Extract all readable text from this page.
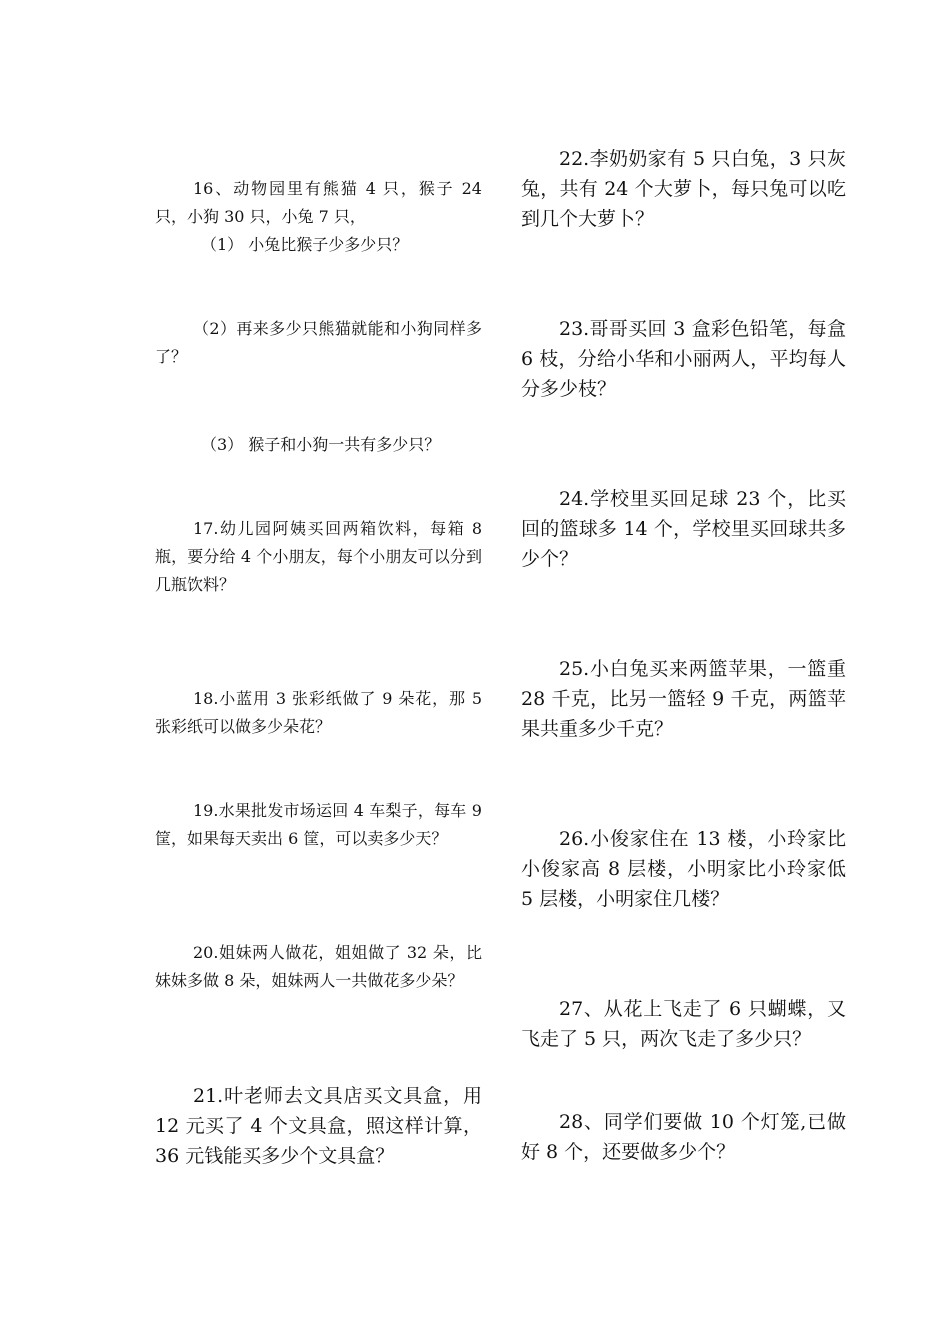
16、动物园里有熊猫 4 只，猴子 24 只，小狗 30 只，小兔 7 只，
（1） 小兔比猴子少多少只？
（2）再来多少只熊猫就能和小狗同样多了？
（3） 猴子和小狗一共有多少只？
17.幼儿园阿姨买回两箱饮料，每箱 8 瓶，要分给 4 个小朋友，每个小朋友可以分到几瓶饮料？
18.小蓝用 3 张彩纸做了 9 朵花，那 5 张彩纸可以做多少朵花？
19.水果批发市场运回 4 车梨子，每车 9 筐，如果每天卖出 6 筐，可以卖多少天？
20.姐妹两人做花，姐姐做了 32 朵，比妹妹多做 8 朵，姐妹两人一共做花多少朵？
21.叶老师去文具店买文具盒，用 12 元买了 4 个文具盒，照这样计算，36 元钱能买多少个文具盒？
22.李奶奶家有 5 只白兔，3 只灰兔，共有 24 个大萝卜，每只兔可以吃到几个大萝卜？
23.哥哥买回 3 盒彩色铅笔，每盒 6 枝，分给小华和小丽两人，平均每人分多少枝？
24.学校里买回足球 23 个，比买回的篮球多 14 个，学校里买回球共多少个？
25.小白兔买来两篮苹果，一篮重 28 千克，比另一篮轻 9 千克，两篮苹果共重多少千克？
26.小俊家住在 13 楼，小玲家比小俊家高 8 层楼，小明家比小玲家低 5 层楼，小明家住几楼？
27、从花上飞走了 6 只蝴蝶，又飞走了 5 只，两次飞走了多少只？
28、同学们要做 10 个灯笼,已做好 8 个，还要做多少个？
